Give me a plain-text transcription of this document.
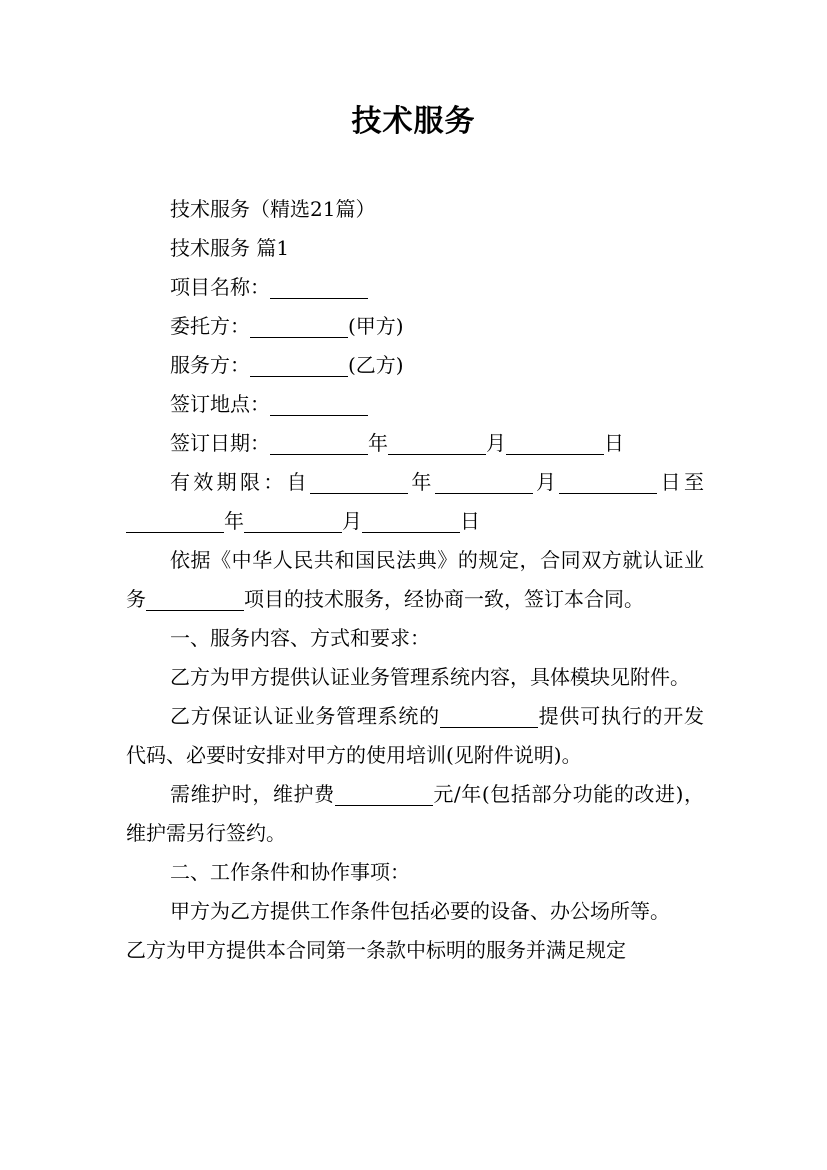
技术服务

技术服务（精选21篇）

技术服务 篇1

项目名称：

委托方：	(甲方)

服务方：	(乙方)

签订地点：

签订日期：	年	月	日

有效期限：自	年	月	日至年	月	日

依据《中华人民共和国民法典》的规定，合同双方就认证业务	项目的技术服务，经协商一致，签订本合同。

一、服务内容、方式和要求：

乙方为甲方提供认证业务管理系统内容，具体模块见附件。

乙方保证认证业务管理系统的	提供可执行的开发代码、必要时安排对甲方的使用培训(见附件说明)。

需维护时，维护费	元/年(包括部分功能的改进)，维护需另行签约。

二、工作条件和协作事项：

甲方为乙方提供工作条件包括必要的设备、办公场所等。

乙方为甲方提供本合同第一条款中标明的服务并满足规定
